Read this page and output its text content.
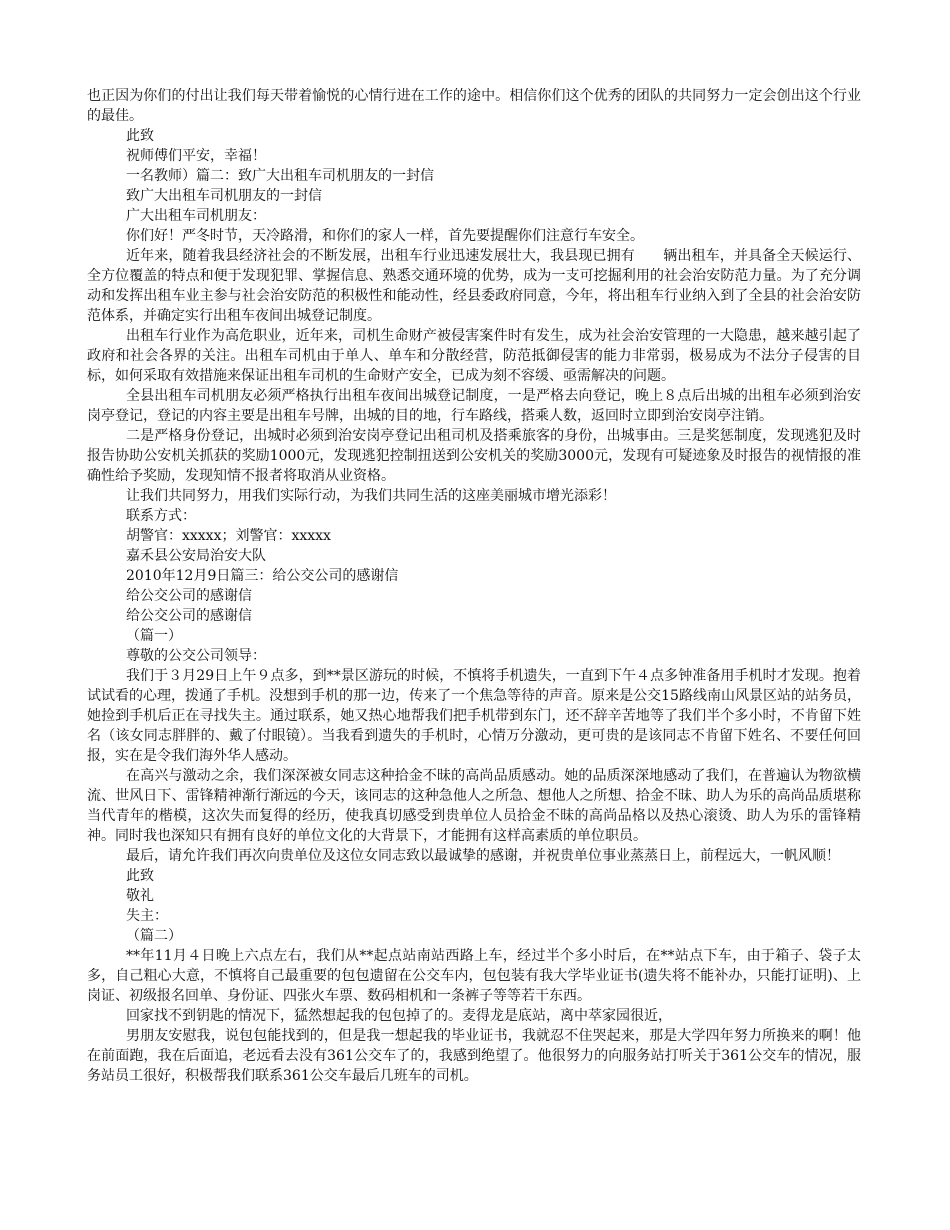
也正因为你们的付出让我们每天带着愉悦的心情行进在工作的途中。相信你们这个优秀的团队的共同努力一定会创出这个行业的最佳。

此致

祝师傅们平安，幸福！

一名教师）篇二：致广大出租车司机朋友的一封信

致广大出租车司机朋友的一封信

广大出租车司机朋友：

你们好！严冬时节，天冷路滑，和你们的家人一样，首先要提醒你们注意行车安全。

近年来，随着我县经济社会的不断发展，出租车行业迅速发展壮大，我县现已拥有　　辆出租车，并具备全天候运行、全方位覆盖的特点和便于发现犯罪、掌握信息、熟悉交通环境的优势，成为一支可挖掘利用的社会治安防范力量。为了充分调动和发挥出租车业主参与社会治安防范的积极性和能动性，经县委政府同意，今年，将出租车行业纳入到了全县的社会治安防范体系，并确定实行出租车夜间出城登记制度。

出租车行业作为高危职业，近年来，司机生命财产被侵害案件时有发生，成为社会治安管理的一大隐患，越来越引起了政府和社会各界的关注。出租车司机由于单人、单车和分散经营，防范抵御侵害的能力非常弱，极易成为不法分子侵害的目标，如何采取有效措施来保证出租车司机的生命财产安全，已成为刻不容缓、亟需解决的问题。

全县出租车司机朋友必须严格执行出租车夜间出城登记制度，一是严格去向登记，晚上８点后出城的出租车必须到治安岗亭登记，登记的内容主要是出租车号牌，出城的目的地，行车路线，搭乘人数，返回时立即到治安岗亭注销。

二是严格身份登记，出城时必须到治安岗亭登记出租司机及搭乘旅客的身份，出城事由。三是奖惩制度，发现逃犯及时报告协助公安机关抓获的奖励1000元，发现逃犯控制扭送到公安机关的奖励3000元，发现有可疑迹象及时报告的视情报的准确性给予奖励，发现知情不报者将取消从业资格。

让我们共同努力，用我们实际行动，为我们共同生活的这座美丽城市增光添彩！

联系方式：

胡警官：xxxxx；刘警官：xxxxx

嘉禾县公安局治安大队

2010年12月9日篇三：给公交公司的感谢信

给公交公司的感谢信

给公交公司的感谢信

（篇一）

尊敬的公交公司领导：

我们于３月29日上午９点多，到**景区游玩的时候，不慎将手机遗失，一直到下午４点多钟准备用手机时才发现。抱着试试看的心理，拨通了手机。没想到手机的那一边，传来了一个焦急等待的声音。原来是公交15路线南山风景区站的站务员，她捡到手机后正在寻找失主。通过联系，她又热心地帮我们把手机带到东门，还不辞辛苦地等了我们半个多小时，不肯留下姓名（该女同志胖胖的、戴了付眼镜）。当我看到遗失的手机时，心情万分激动，更可贵的是该同志不肯留下姓名、不要任何回报，实在是令我们海外华人感动。

在高兴与激动之余，我们深深被女同志这种拾金不昧的高尚品质感动。她的品质深深地感动了我们，在普遍认为物欲横流、世风日下、雷锋精神渐行渐远的今天，该同志的这种急他人之所急、想他人之所想、拾金不昧、助人为乐的高尚品质堪称当代青年的楷模，这次失而复得的经历，使我真切感受到贵单位人员拾金不昧的高尚品格以及热心滚烫、助人为乐的雷锋精神。同时我也深知只有拥有良好的单位文化的大背景下，才能拥有这样高素质的单位职员。

最后，请允许我们再次向贵单位及这位女同志致以最诚挚的感谢，并祝贵单位事业蒸蒸日上，前程远大，一帆风顺！

此致

敬礼

失主：

（篇二）

**年11月４日晚上六点左右，我们从**起点站南站西路上车，经过半个多小时后，在**站点下车，由于箱子、袋子太多，自己粗心大意，不慎将自己最重要的包包遗留在公交车内，包包装有我大学毕业证书(遗失将不能补办，只能打证明)、上岗证、初级报名回单、身份证、四张火车票、数码相机和一条裤子等等若干东西。

回家找不到钥匙的情况下，猛然想起我的包包掉了的。麦得龙是底站，离中萃家园很近，

男朋友安慰我，说包包能找到的，但是我一想起我的毕业证书，我就忍不住哭起来，那是大学四年努力所换来的啊！他在前面跑，我在后面追，老远看去没有361公交车了的，我感到绝望了。他很努力的向服务站打听关于361公交车的情况，服务站员工很好，积极帮我们联系361公交车最后几班车的司机。
